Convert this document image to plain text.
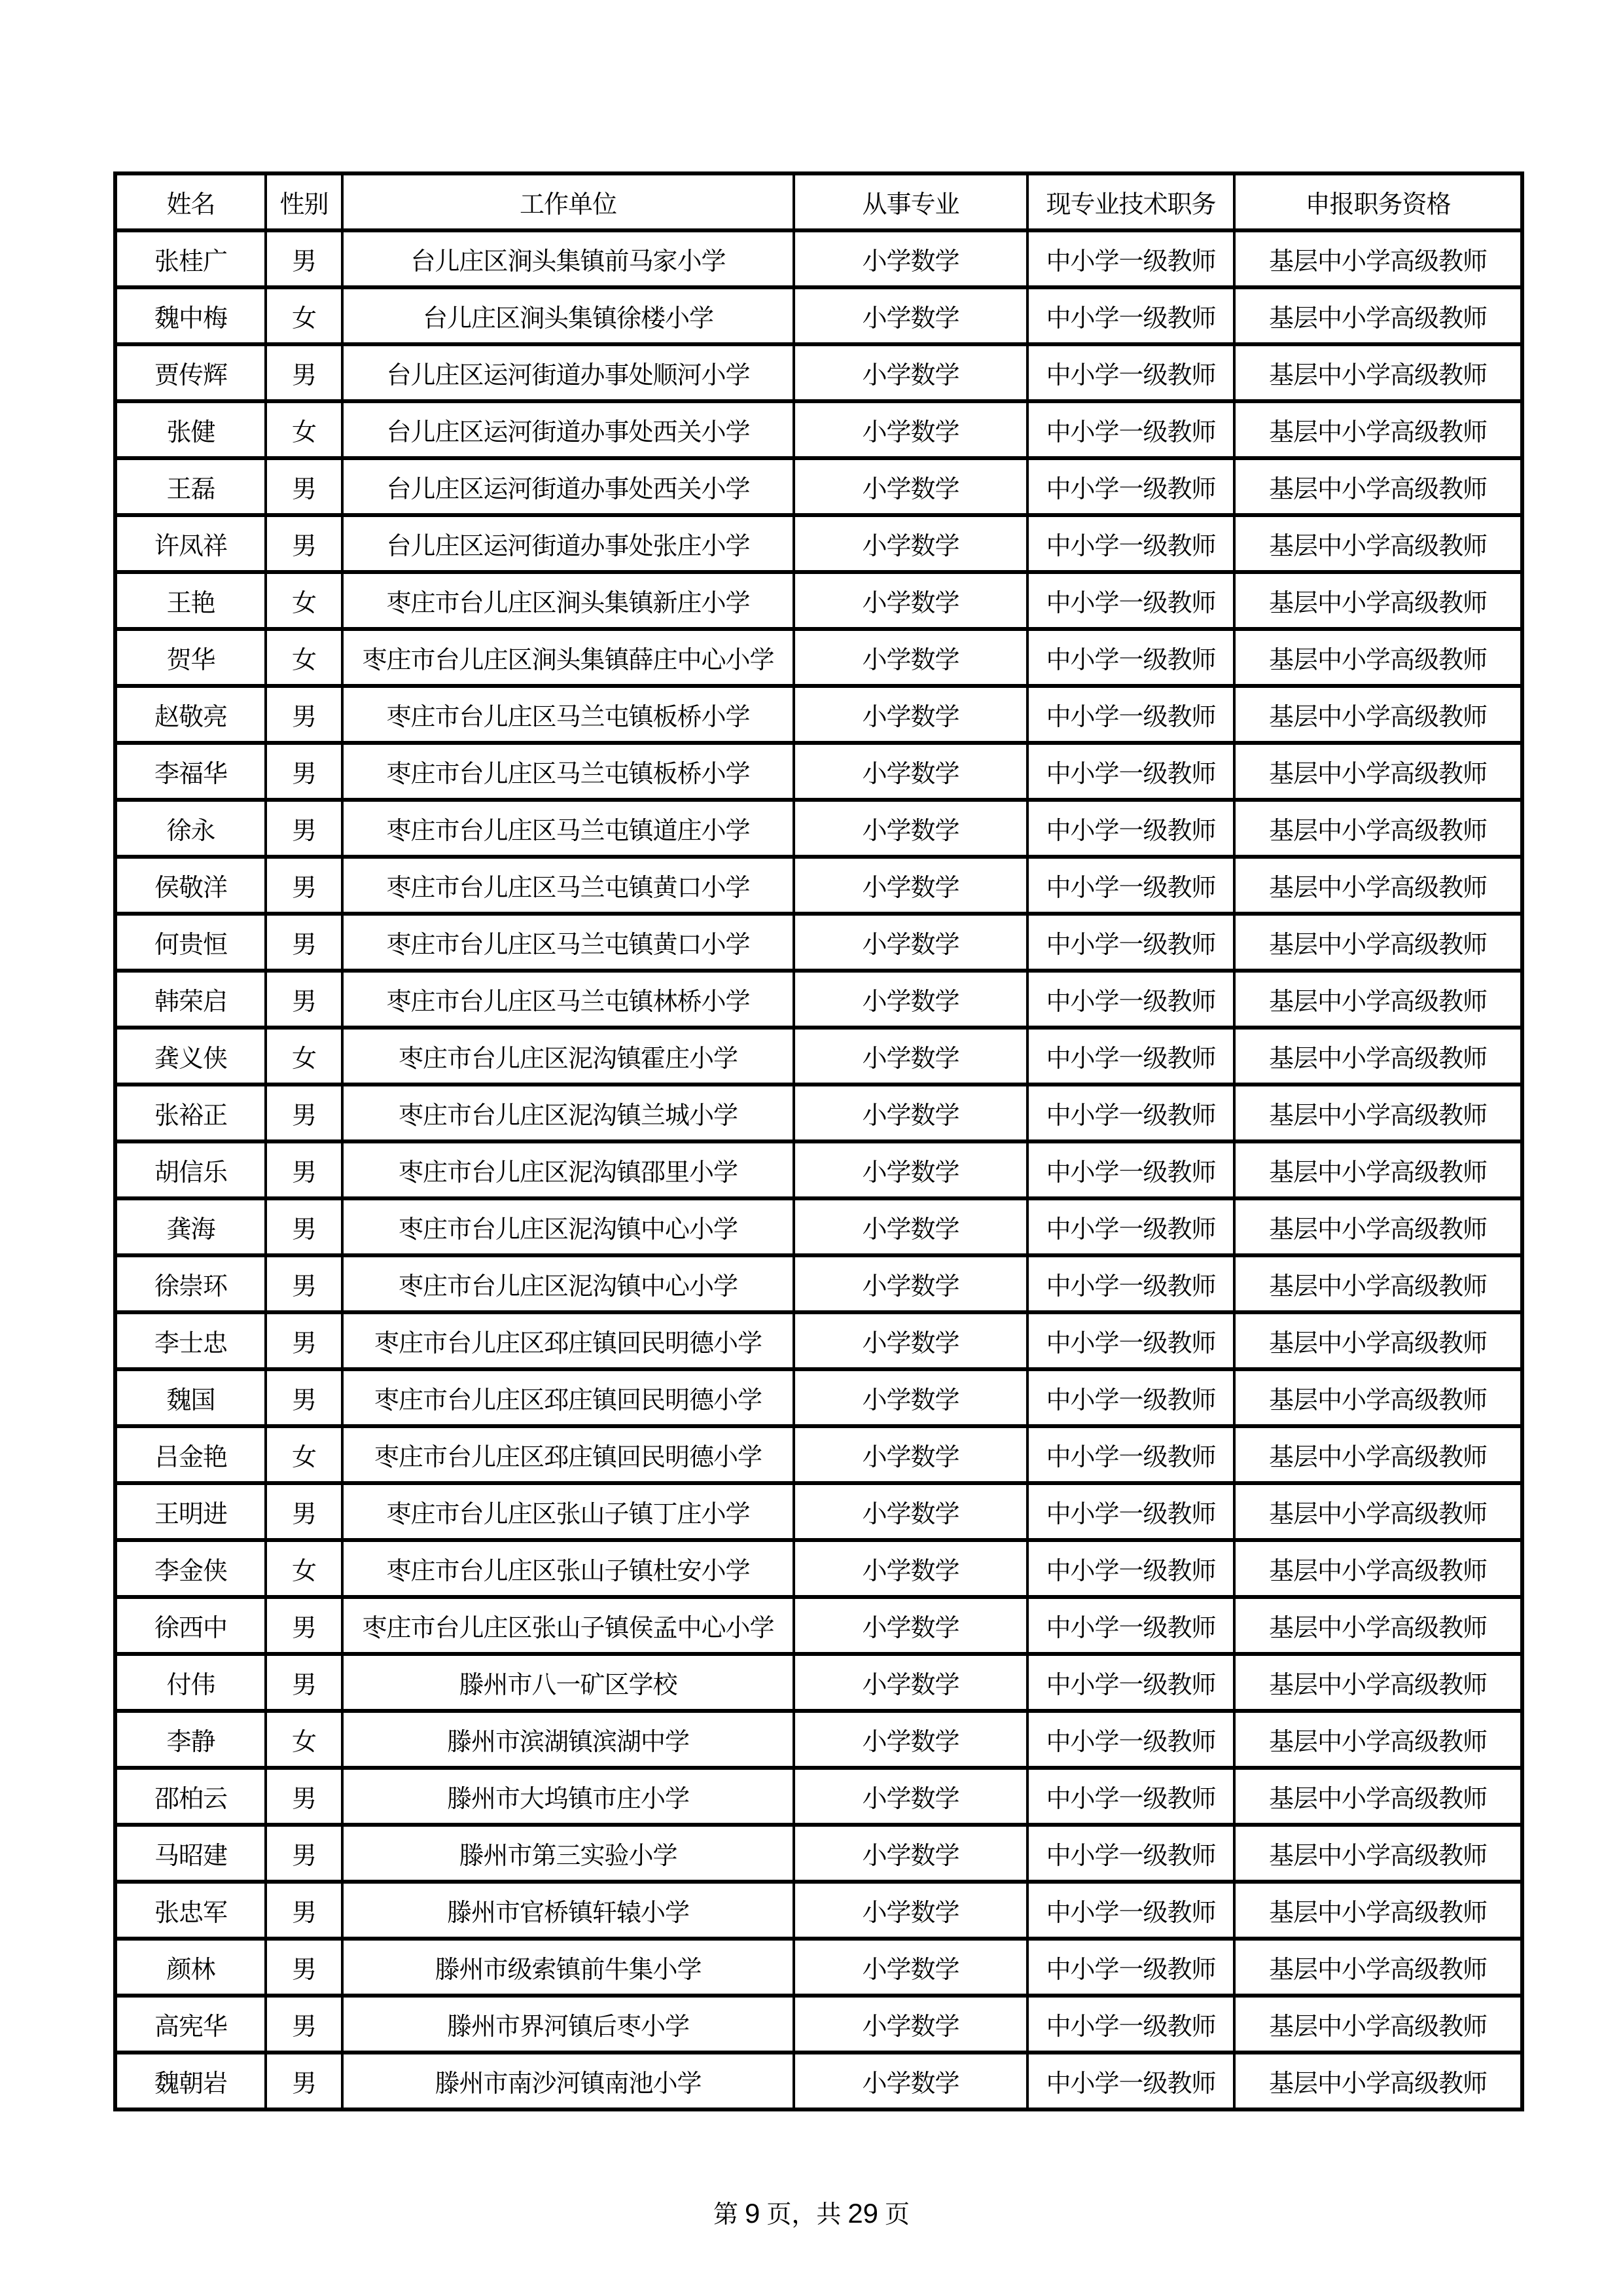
姓名	性别	工作单位	从事专业	现专业技术职务	申报职务资格
张桂广	男	台儿庄区涧头集镇前马家小学	小学数学	中小学一级教师	基层中小学高级教师
魏中梅	女	台儿庄区涧头集镇徐楼小学	小学数学	中小学一级教师	基层中小学高级教师
贾传辉	男	台儿庄区运河街道办事处顺河小学	小学数学	中小学一级教师	基层中小学高级教师
张健	女	台儿庄区运河街道办事处西关小学	小学数学	中小学一级教师	基层中小学高级教师
王磊	男	台儿庄区运河街道办事处西关小学	小学数学	中小学一级教师	基层中小学高级教师
许凤祥	男	台儿庄区运河街道办事处张庄小学	小学数学	中小学一级教师	基层中小学高级教师
王艳	女	枣庄市台儿庄区涧头集镇新庄小学	小学数学	中小学一级教师	基层中小学高级教师
贺华	女	枣庄市台儿庄区涧头集镇薛庄中心小学	小学数学	中小学一级教师	基层中小学高级教师
赵敬亮	男	枣庄市台儿庄区马兰屯镇板桥小学	小学数学	中小学一级教师	基层中小学高级教师
李福华	男	枣庄市台儿庄区马兰屯镇板桥小学	小学数学	中小学一级教师	基层中小学高级教师
徐永	男	枣庄市台儿庄区马兰屯镇道庄小学	小学数学	中小学一级教师	基层中小学高级教师
侯敬洋	男	枣庄市台儿庄区马兰屯镇黄口小学	小学数学	中小学一级教师	基层中小学高级教师
何贵恒	男	枣庄市台儿庄区马兰屯镇黄口小学	小学数学	中小学一级教师	基层中小学高级教师
韩荣启	男	枣庄市台儿庄区马兰屯镇林桥小学	小学数学	中小学一级教师	基层中小学高级教师
龚义侠	女	枣庄市台儿庄区泥沟镇霍庄小学	小学数学	中小学一级教师	基层中小学高级教师
张裕正	男	枣庄市台儿庄区泥沟镇兰城小学	小学数学	中小学一级教师	基层中小学高级教师
胡信乐	男	枣庄市台儿庄区泥沟镇邵里小学	小学数学	中小学一级教师	基层中小学高级教师
龚海	男	枣庄市台儿庄区泥沟镇中心小学	小学数学	中小学一级教师	基层中小学高级教师
徐崇环	男	枣庄市台儿庄区泥沟镇中心小学	小学数学	中小学一级教师	基层中小学高级教师
李士忠	男	枣庄市台儿庄区邳庄镇回民明德小学	小学数学	中小学一级教师	基层中小学高级教师
魏国	男	枣庄市台儿庄区邳庄镇回民明德小学	小学数学	中小学一级教师	基层中小学高级教师
吕金艳	女	枣庄市台儿庄区邳庄镇回民明德小学	小学数学	中小学一级教师	基层中小学高级教师
王明进	男	枣庄市台儿庄区张山子镇丁庄小学	小学数学	中小学一级教师	基层中小学高级教师
李金侠	女	枣庄市台儿庄区张山子镇杜安小学	小学数学	中小学一级教师	基层中小学高级教师
徐西中	男	枣庄市台儿庄区张山子镇侯孟中心小学	小学数学	中小学一级教师	基层中小学高级教师
付伟	男	滕州市八一矿区学校	小学数学	中小学一级教师	基层中小学高级教师
李静	女	滕州市滨湖镇滨湖中学	小学数学	中小学一级教师	基层中小学高级教师
邵柏云	男	滕州市大坞镇市庄小学	小学数学	中小学一级教师	基层中小学高级教师
马昭建	男	滕州市第三实验小学	小学数学	中小学一级教师	基层中小学高级教师
张忠军	男	滕州市官桥镇轩辕小学	小学数学	中小学一级教师	基层中小学高级教师
颜林	男	滕州市级索镇前牛集小学	小学数学	中小学一级教师	基层中小学高级教师
高宪华	男	滕州市界河镇后枣小学	小学数学	中小学一级教师	基层中小学高级教师
魏朝岩	男	滕州市南沙河镇南池小学	小学数学	中小学一级教师	基层中小学高级教师
第 9 页，共 29 页
